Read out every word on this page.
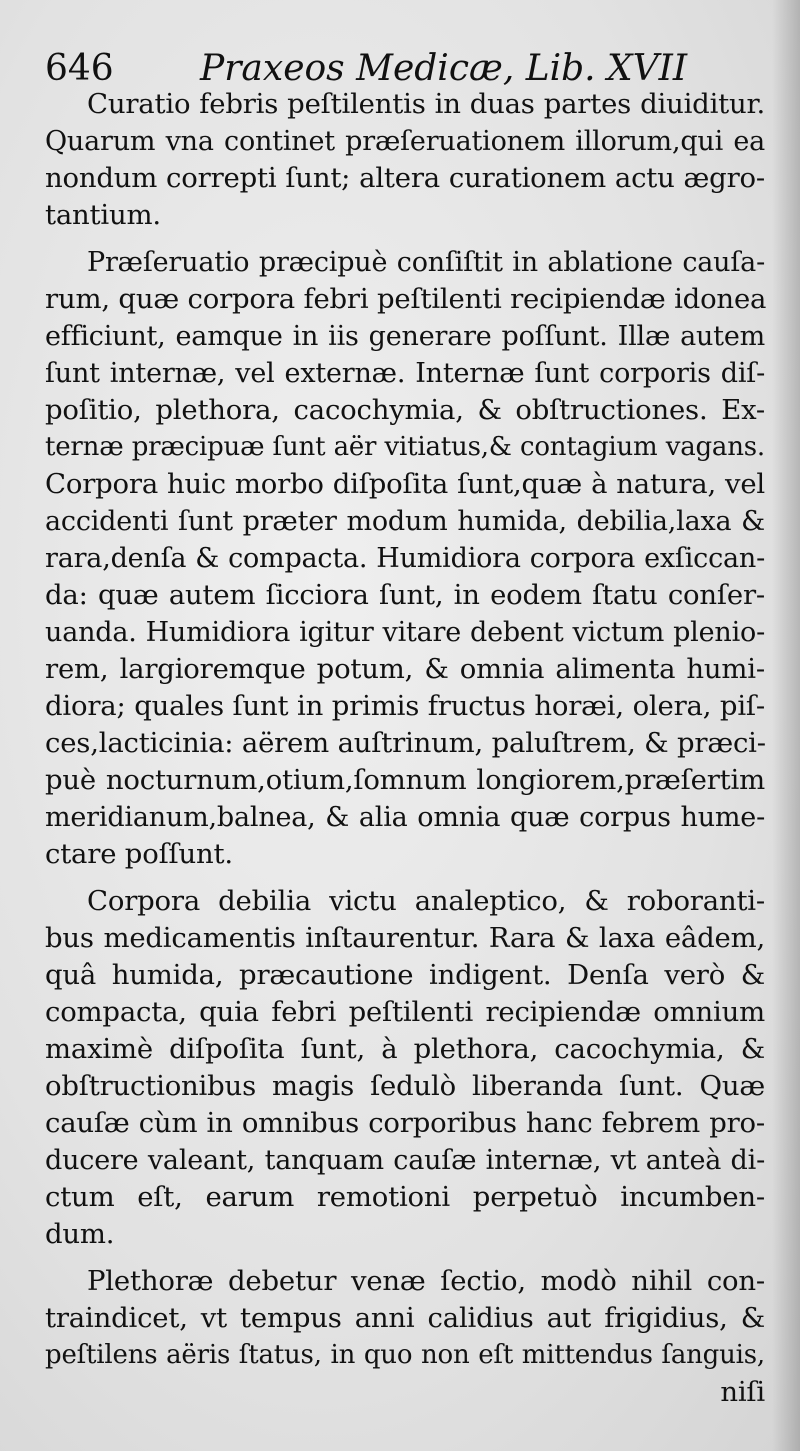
646 Praxeos Medicæ, Lib. XVII
Curatio febris peſtilentis in duas partes diuiditur.
Quarum vna continet præſeruationem illorum,qui ea
nondum correpti ſunt; altera curationem actu ægro-
tantium.
Præſeruatio præcipuè conſiſtit in ablatione cauſa-
rum, quæ corpora febri peſtilenti recipiendæ idonea
efficiunt, eamque in iis generare poſſunt. Illæ autem
ſunt internæ, vel externæ. Internæ ſunt corporis diſ-
poſitio, plethora, cacochymia, & obſtructiones. Ex-
ternæ præcipuæ ſunt aër vitiatus,& contagium vagans.
Corpora huic morbo diſpoſita ſunt,quæ à natura, vel
accidenti ſunt præter modum humida, debilia,laxa &
rara,denſa & compacta. Humidiora corpora exſiccan-
da: quæ autem ſicciora ſunt, in eodem ſtatu conſer-
uanda. Humidiora igitur vitare debent victum plenio-
rem, largioremque potum, & omnia alimenta humi-
diora; quales ſunt in primis fructus horæi, olera, piſ-
ces,lacticinia: aërem auſtrinum, paluſtrem, & præci-
puè nocturnum,otium,ſomnum longiorem,præſertim
meridianum,balnea, & alia omnia quæ corpus hume-
ctare poſſunt.
Corpora debilia victu analeptico, & roboranti-
bus medicamentis inſtaurentur. Rara & laxa eâdem,
quâ humida, præcautione indigent. Denſa verò &
compacta, quia febri peſtilenti recipiendæ omnium
maximè diſpoſita ſunt, à plethora, cacochymia, &
obſtructionibus magis ſedulò liberanda ſunt. Quæ
cauſæ cùm in omnibus corporibus hanc febrem pro-
ducere valeant, tanquam cauſæ internæ, vt anteà di-
ctum eſt, earum remotioni perpetuò incumben-
dum.
Plethoræ debetur venæ ſectio, modò nihil con-
traindicet, vt tempus anni calidius aut frigidius, &
peſtilens aëris ſtatus, in quo non eſt mittendus ſanguis,
niſi
